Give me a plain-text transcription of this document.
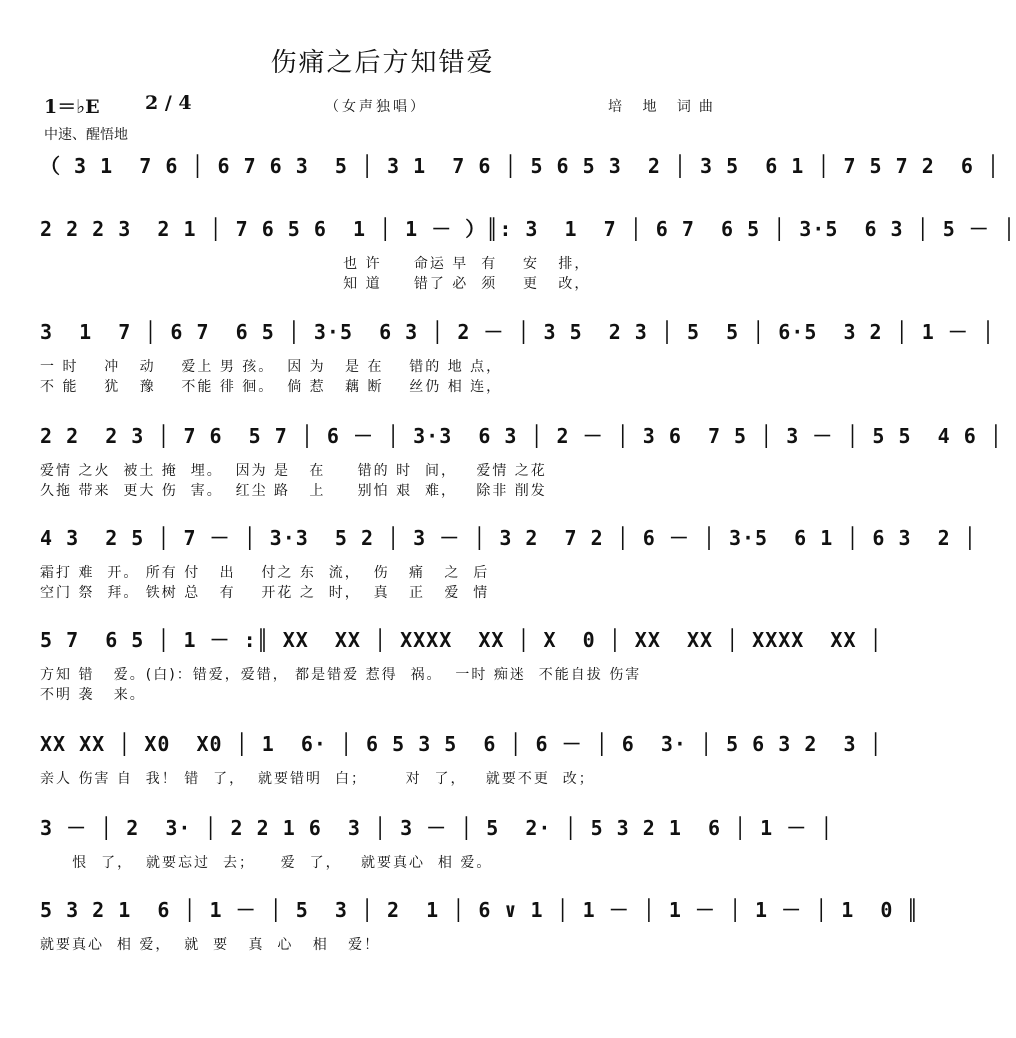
伤痛之后方知错爱
1＝♭E 2 / 4	（女声独唱）	培 地 词曲
中速、醒悟地
（ 3 1  7 6 │ 6 7 6 3  5 │ 3 1  7 6 │ 5 6 5 3  2 │ 3 5  6 1 │ 7 5 7 2  6 │
2 2 2 3  2 1 │ 7 6 5 6  1 │ 1 － ）║: 3  1  7 │ 6 7  6 5 │ 3·5  6 3 │ 5 － │
也 许     命运 早  有    安   排，
知 道     错了 必  须    更   改，
3  1  7 │ 6 7  6 5 │ 3·5  6 3 │ 2 － │ 3 5  2 3 │ 5  5 │ 6·5  3 2 │ 1 － │
一 时    冲   动    爱上 男 孩。  因 为   是 在    错的 地 点，
不 能    犹   豫    不能 徘 徊。  倘 惹   藕 断    丝仍 相 连，
2 2  2 3 │ 7 6  5 7 │ 6 － │ 3·3  6 3 │ 2 － │ 3 6  7 5 │ 3 － │ 5 5  4 6 │
爱情 之火  被土 掩  埋。  因为 是   在     错的 时  间，   爱情 之花
久拖 带来  更大 伤  害。  红尘 路   上     别怕 艰  难，   除非 削发
4 3  2 5 │ 7 － │ 3·3  5 2 │ 3 － │ 3 2  7 2 │ 6 － │ 3·5  6 1 │ 6 3  2 │
霜打 难  开。 所有 付   出    付之 东  流，  伤   痛   之  后
空门 祭  拜。 铁树 总   有    开花 之  时，  真   正   爱  情
5 7  6 5 │ 1 － :║ XX  XX │ XXXX  XX │ X  0 │ XX  XX │ XXXX  XX │
方知 错   爱。(白)：错爱，爱错， 都是错爱 惹得  祸。  一时 痴迷  不能自拔 伤害
不明 袭   来。
XX XX │ X0  X0 │ 1  6· │ 6 5 3 5  6 │ 6 － │ 6  3· │ 5 6 3 2  3 │
亲人 伤害 自  我！ 错  了，  就要错明  白；      对  了，   就要不更  改；
3 － │ 2  3· │ 2 2 1 6  3 │ 3 － │ 5  2· │ 5 3 2 1  6 │ 1 － │
恨  了，  就要忘过  去；    爱  了，   就要真心  相 爱。
5 3 2 1  6 │ 1 － │ 5  3 │ 2  1 │ 6 ∨ 1 │ 1 － │ 1 － │ 1 － │ 1  0 ║
就要真心  相 爱，  就  要   真  心   相   爱！
